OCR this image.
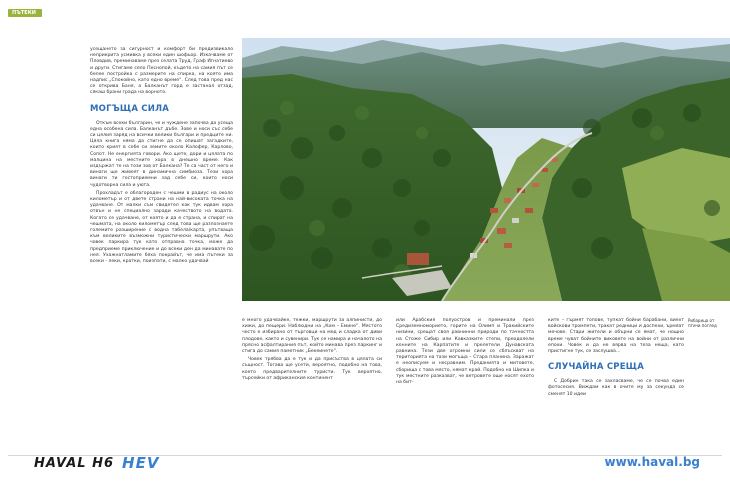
ПЪТЕКИ

усещането за сигурност и комфорт би предизвикало неприкрита усмивка у всеки един шофьор. Изкачваме от Пловдив, преминаваме през селата Труд, Граф Игнатиево и други. Стигаме село Песнопой, където на самия път се белее постройка с размерите на спирка, на която има надпис „Спокойно, като едно време“. След това пред нас се открива Баня, а Балканът горд е застанал отзад, сякаш брани града на ворното.

МОГЪЩА СИЛА

Откъм всеки българин, че и чуждене започва да усеща една особена сила. Балканът дъбе. Зове и носи със себе си цялия заряд на всички велики българи и предците ни. Цяла книга няма да стигне да се опишат загадките, които крият в себе си земите около Калофер, Карлово, Сопот. Не енергията говори. Ако щете, дори и цялата по малцина на местните хора в днешно време. Как издържат те на този зов от Балкана? Те са част от него и винаги ще живеят в динамична симбиоза. Тези хора винаги ти гостоприемни зад себе си, които носи чудотворна сила и уюта.

Прохладът е облагороден с чешми в радиус на около километър и от двете страни на най-високата точка на удачване. От малки съм свидетел как тук идвам хора отвън и не специално заради качеството на водата. Когато се удачване, от която и да е страна, и спират на чешмата, на около километър след това ще разпознаете големите разширение с водна табела/карта, упътваща към великите възможни туристически маршрути. Ако човек паркира тук като отправна точка, може да предприеме приключение и до всеки ден да минавате по нея. Ухажнатламите бяха покрайът, че има пътеки за всеки - леки, кратки, поизпати, с малко удачвай

Рибарица от птичи поглед

е много удачвайке, тежки, маршрути за алпинисти, до хижи, до пещери. Наблюдни на „Ком – Емине“. Мястото често е избирано от търговци на мед и сладка от диви плодове, както и сувенири. Тук се намира и началото на прясно асфалтирания път, който минава през паркинг и стига до самия паметник „Бекеинете“.

Човек трябва да е тук и да присъства в цялата си същност. Тогава ще усети, вероятно, подобно на това, което предварителните туристи. Тук вероятно, търсейки от африканския континент

или Арабския полуостров и преминали през Средиземноморието, горите на Олимп и Тракийските низини, срещат своя равнинни природи по тачността на Стоже Сибир или Кавказките степи, преодолели конните на Карпатите и прелетели Дунавската равнина. Тези две огромни сили се сблъскват на територията на тази могъща – Стара планина. Заражат е неописуем и несравним. Преданията и митовете, сборища с това място, нямат край. Подобно на Шипка и тук местните разказват, че ветровете още носят ехото на бит-

ките – гърмят топове, тупкат бойни барабани, виехт войскови тромпети, тракат редници и доспехи, ърмяат мечове. Стари жители и обърни се ямат, че нощно време чуват бойните виковете на войни от различни епохи. Човек и да не вярва на теза неща, като пристигне тук, се заслушва...

СЛУЧАЙНА СРЕЩА

С Добрин така се захласваме, че се почва един фотосесия. Виждам как в очите му за секунда се сменят 10 идеи

HAVAL H6 HEV	www.haval.bg
